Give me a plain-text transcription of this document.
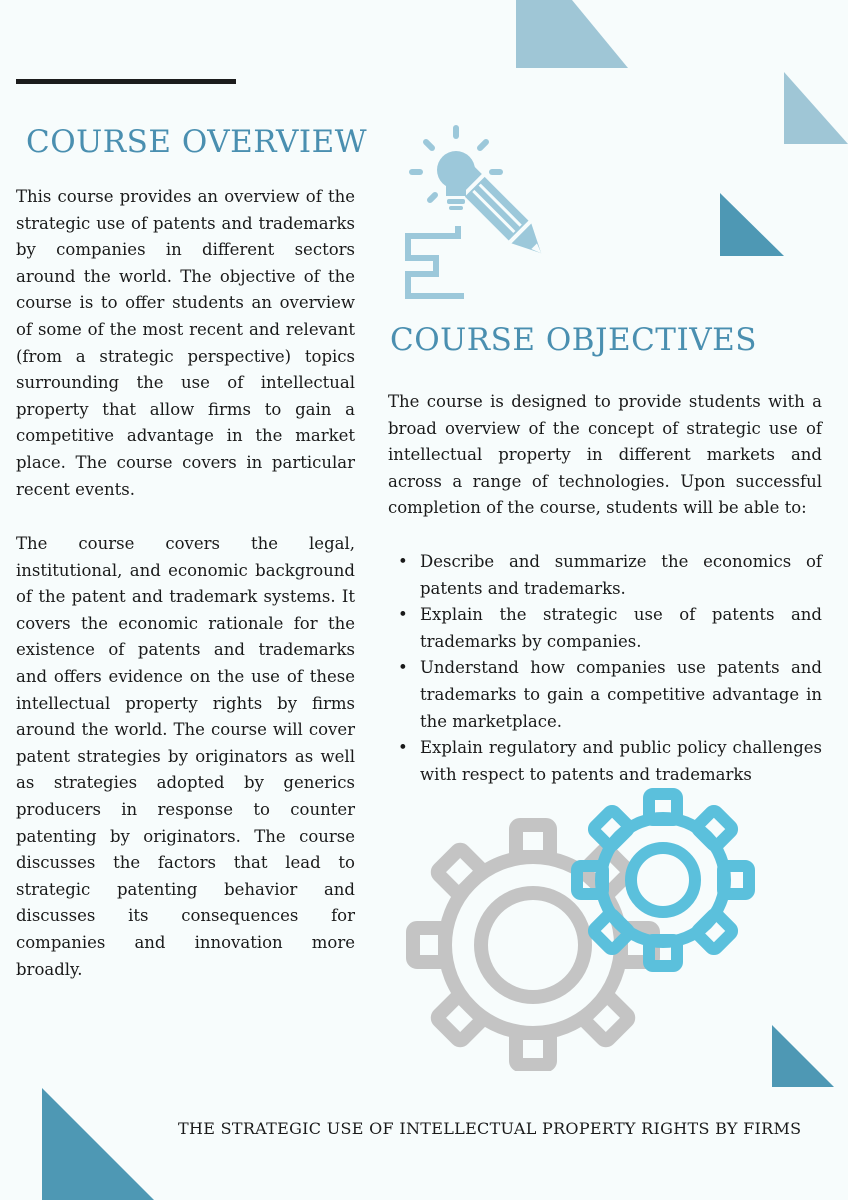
COURSE OVERVIEW

This course provides an overview of the strategic use of patents and trademarks by companies in different sectors around the world. The objective of the course is to offer students an overview of some of the most recent and relevant (from a strategic perspective) topics surrounding the use of intellectual property that allow firms to gain a competitive advantage in the market place. The course covers in particular recent events.

The course covers the legal, institutional, and economic background of the patent and trademark systems. It covers the economic rationale for the existence of patents and trademarks and offers evidence on the use of these intellectual property rights by firms around the world. The course will cover patent strategies by originators as well as strategies adopted by generics producers in response to counter patenting by originators. The course discusses the factors that lead to strategic patenting behavior and discusses its consequences for companies and innovation more broadly.

COURSE OBJECTIVES

The course is designed to provide students with a broad overview of the concept of strategic use of intellectual property in different markets and across a range of technologies. Upon successful completion of the course, students will be able to:

• Describe and summarize the economics of patents and trademarks.
• Explain the strategic use of patents and trademarks by companies.
• Understand how companies use patents and trademarks to gain a competitive advantage in the marketplace.
• Explain regulatory and public policy challenges with respect to patents and trademarks
THE STRATEGIC USE OF INTELLECTUAL PROPERTY RIGHTS BY FIRMS
